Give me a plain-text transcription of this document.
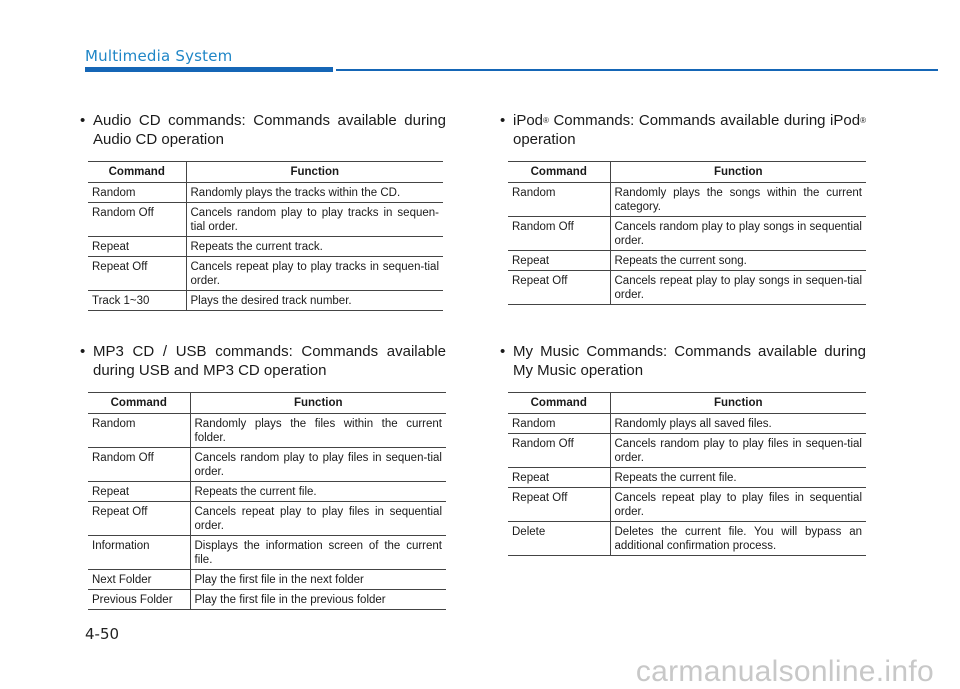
Multimedia System
• Audio CD commands: Commands available during Audio CD operation
Command	Function
Random	Randomly plays the tracks within the CD.
Random Off	Cancels random play to play tracks in sequen-tial order.
Repeat	Repeats the current track.
Repeat Off	Cancels repeat play to play tracks in sequen-tial order.
Track 1~30	Plays the desired track number.
• MP3 CD / USB commands: Commands available during USB and MP3 CD operation
Command	Function
Random	Randomly plays the files within the current folder.
Random Off	Cancels random play to play files in sequen-tial order.
Repeat	Repeats the current file.
Repeat Off	Cancels repeat play to play files in sequential order.
Information	Displays the information screen of the current file.
Next Folder	Play the first file in the next folder
Previous Folder	Play the first file in the previous folder
• iPod® Commands: Commands available during iPod® operation
Command	Function
Random	Randomly plays the songs within the current category.
Random Off	Cancels random play to play songs in sequential order.
Repeat	Repeats the current song.
Repeat Off	Cancels repeat play to play songs in sequen-tial order.
• My Music Commands: Commands available during My Music operation
Command	Function
Random	Randomly plays all saved files.
Random Off	Cancels random play to play files in sequen-tial order.
Repeat	Repeats the current file.
Repeat Off	Cancels repeat play to play files in sequential order.
Delete	Deletes the current file. You will bypass an additional confirmation process.
4-50
carmanualsonline.info
